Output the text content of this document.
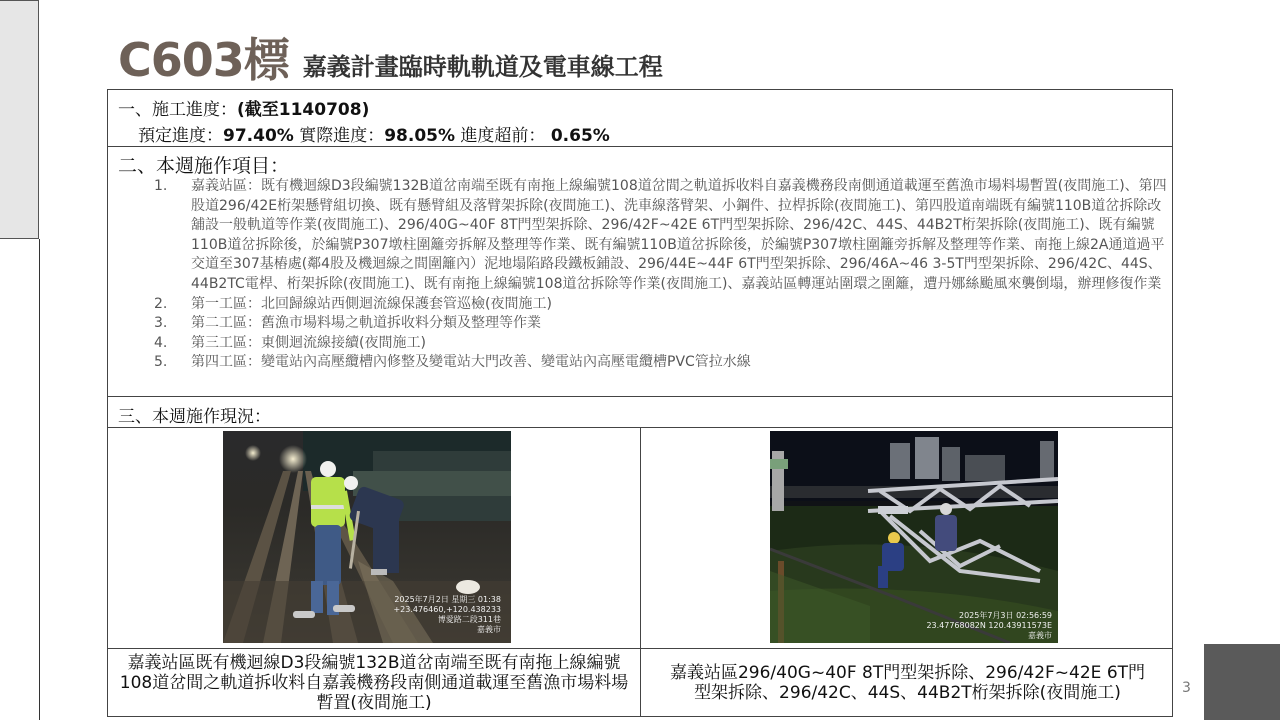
C603標 嘉義計畫臨時軌軌道及電車線工程
一、施工進度：(截至1140708)
預定進度：97.40% 實際進度：98.05% 進度超前： 0.65%
二、本週施作項目：
1. 嘉義站區：既有機迴線D3段編號132B道岔南端至既有南拖上線編號108道岔間之軌道拆收料自嘉義機務段南側通道載運至舊漁市場料場暫置(夜間施工)、第四股道296/42E桁架懸臂組切換、既有懸臂組及落臂架拆除(夜間施工)、洗車線落臂架、小鋼件、拉桿拆除(夜間施工)、第四股道南端既有編號110B道岔拆除改舖設一般軌道等作業(夜間施工)、296/40G~40F 8T門型架拆除、296/42F~42E 6T門型架拆除、296/42C、44S、44B2T桁架拆除(夜間施工)、既有編號110B道岔拆除後，於編號P307墩柱圍籬旁拆解及整理等作業、既有編號110B道岔拆除後，於編號P307墩柱圍籬旁拆解及整理等作業、南拖上線2A通道過平交道至307基樁處(鄰4股及機迴線之間圍籬內）泥地塌陷路段鐵板鋪設、296/44E~44F 6T門型架拆除、296/46A~46 3-5T門型架拆除、296/42C、44S、44B2TC電桿、桁架拆除(夜間施工)、既有南拖上線編號108道岔拆除等作業(夜間施工)、嘉義站區轉運站圍環之圍籬，遭丹娜絲颱風來襲倒塌，辦理修復作業
2. 第一工區：北回歸線站西側迴流線保護套管巡檢(夜間施工)
3. 第二工區：舊漁市場料場之軌道拆收料分類及整理等作業
4. 第三工區：東側迴流線接續(夜間施工)
5. 第四工區：變電站內高壓纜槽內修整及變電站大門改善、變電站內高壓電纜槽PVC管拉水線
三、本週施作現況：
2025年7月2日 星期三 01:38
+23.476460,+120.438233
博愛路二段311巷
嘉義市
2025年7月3日 02:56:59
23.47768082N 120.43911573E
嘉義市
嘉義站區既有機迴線D3段編號132B道岔南端至既有南拖上線編號108道岔間之軌道拆收料自嘉義機務段南側通道載運至舊漁市場料場暫置(夜間施工)
嘉義站區296/40G~40F 8T門型架拆除、296/42F~42E 6T門型架拆除、296/42C、44S、44B2T桁架拆除(夜間施工)	3
